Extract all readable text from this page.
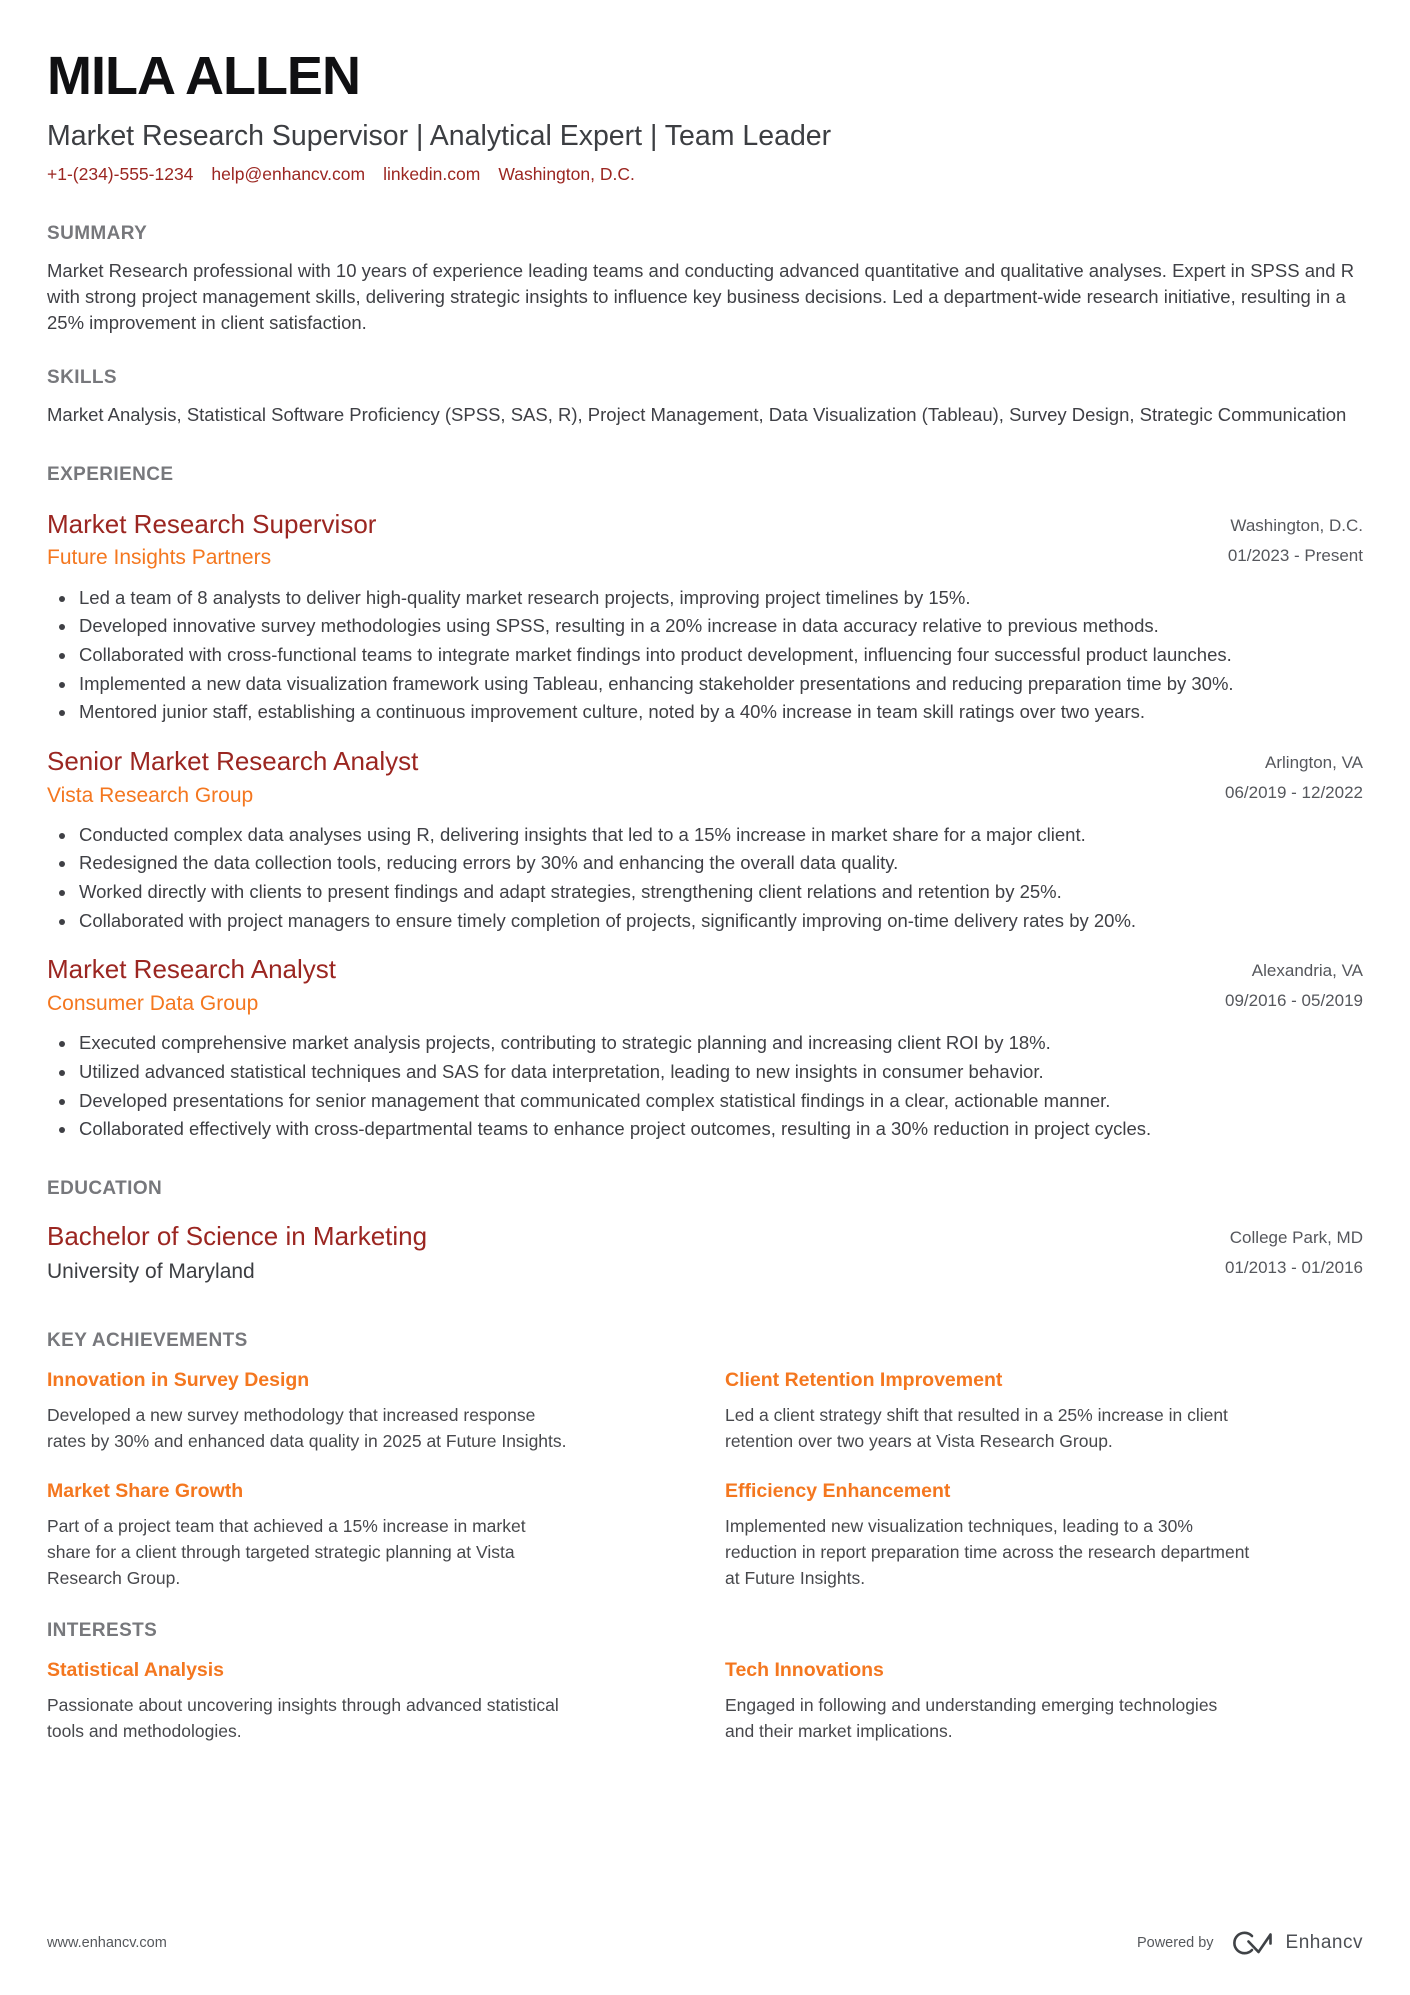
MILA ALLEN
Market Research Supervisor | Analytical Expert | Team Leader
+1-(234)-555-1234 help@enhancv.com linkedin.com Washington, D.C.
SUMMARY
Market Research professional with 10 years of experience leading teams and conducting advanced quantitative and qualitative analyses. Expert in SPSS and R with strong project management skills, delivering strategic insights to influence key business decisions. Led a department-wide research initiative, resulting in a 25% improvement in client satisfaction.
SKILLS
Market Analysis, Statistical Software Proficiency (SPSS, SAS, R), Project Management, Data Visualization (Tableau), Survey Design, Strategic Communication
EXPERIENCE
Market Research Supervisor
Future Insights Partners
Washington, D.C.
01/2023 - Present
• Led a team of 8 analysts to deliver high-quality market research projects, improving project timelines by 15%.
• Developed innovative survey methodologies using SPSS, resulting in a 20% increase in data accuracy relative to previous methods.
• Collaborated with cross-functional teams to integrate market findings into product development, influencing four successful product launches.
• Implemented a new data visualization framework using Tableau, enhancing stakeholder presentations and reducing preparation time by 30%.
• Mentored junior staff, establishing a continuous improvement culture, noted by a 40% increase in team skill ratings over two years.
Senior Market Research Analyst
Vista Research Group
Arlington, VA
06/2019 - 12/2022
• Conducted complex data analyses using R, delivering insights that led to a 15% increase in market share for a major client.
• Redesigned the data collection tools, reducing errors by 30% and enhancing the overall data quality.
• Worked directly with clients to present findings and adapt strategies, strengthening client relations and retention by 25%.
• Collaborated with project managers to ensure timely completion of projects, significantly improving on-time delivery rates by 20%.
Market Research Analyst
Consumer Data Group
Alexandria, VA
09/2016 - 05/2019
• Executed comprehensive market analysis projects, contributing to strategic planning and increasing client ROI by 18%.
• Utilized advanced statistical techniques and SAS for data interpretation, leading to new insights in consumer behavior.
• Developed presentations for senior management that communicated complex statistical findings in a clear, actionable manner.
• Collaborated effectively with cross-departmental teams to enhance project outcomes, resulting in a 30% reduction in project cycles.
EDUCATION
Bachelor of Science in Marketing
University of Maryland
College Park, MD
01/2013 - 01/2016
KEY ACHIEVEMENTS
Innovation in Survey Design
Developed a new survey methodology that increased response rates by 30% and enhanced data quality in 2025 at Future Insights.
Client Retention Improvement
Led a client strategy shift that resulted in a 25% increase in client retention over two years at Vista Research Group.
Market Share Growth
Part of a project team that achieved a 15% increase in market share for a client through targeted strategic planning at Vista Research Group.
Efficiency Enhancement
Implemented new visualization techniques, leading to a 30% reduction in report preparation time across the research department at Future Insights.
INTERESTS
Statistical Analysis
Passionate about uncovering insights through advanced statistical tools and methodologies.
Tech Innovations
Engaged in following and understanding emerging technologies and their market implications.
www.enhancv.com	Powered by	Enhancv
